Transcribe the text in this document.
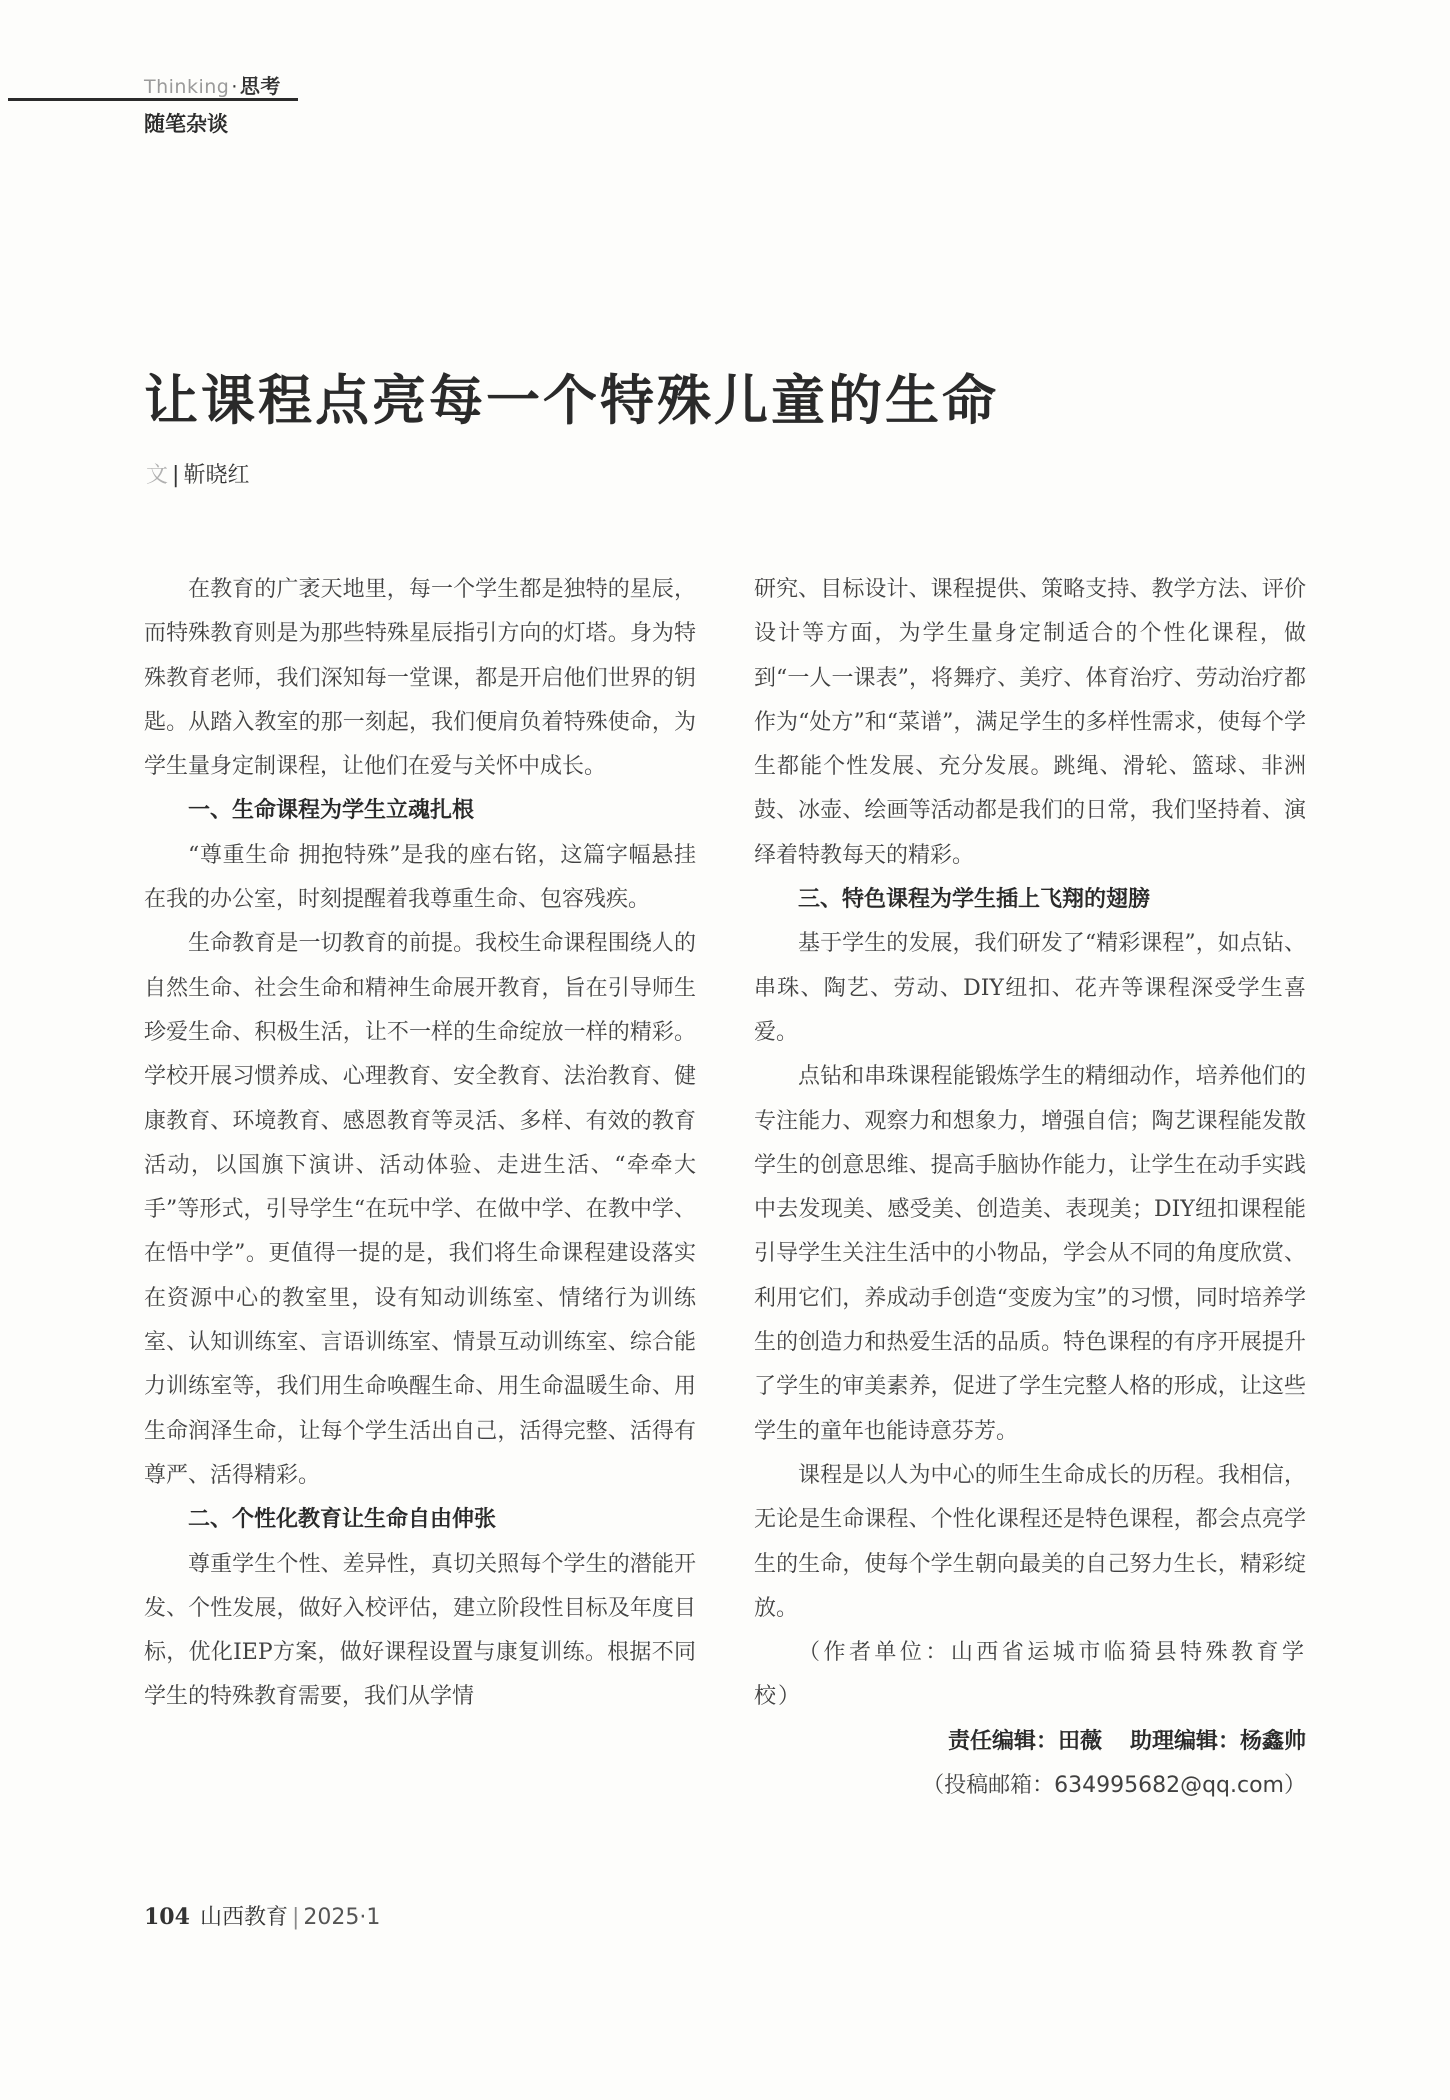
Thinking · 思考
随笔杂谈
让课程点亮每一个特殊儿童的生命
文 | 靳晓红

在教育的广袤天地里，每一个学生都是独特的星辰，而特殊教育则是为那些特殊星辰指引方向的灯塔。身为特殊教育老师，我们深知每一堂课，都是开启他们世界的钥匙。从踏入教室的那一刻起，我们便肩负着特殊使命，为学生量身定制课程，让他们在爱与关怀中成长。

一、生命课程为学生立魂扎根

“尊重生命 拥抱特殊”是我的座右铭，这篇字幅悬挂在我的办公室，时刻提醒着我尊重生命、包容残疾。

生命教育是一切教育的前提。我校生命课程围绕人的自然生命、社会生命和精神生命展开教育，旨在引导师生珍爱生命、积极生活，让不一样的生命绽放一样的精彩。学校开展习惯养成、心理教育、安全教育、法治教育、健康教育、环境教育、感恩教育等灵活、多样、有效的教育活动，以国旗下演讲、活动体验、走进生活、“牵牵大手”等形式，引导学生“在玩中学、在做中学、在教中学、在悟中学”。更值得一提的是，我们将生命课程建设落实在资源中心的教室里，设有知动训练室、情绪行为训练室、认知训练室、言语训练室、情景互动训练室、综合能力训练室等，我们用生命唤醒生命、用生命温暖生命、用生命润泽生命，让每个学生活出自己，活得完整、活得有尊严、活得精彩。

二、个性化教育让生命自由伸张

尊重学生个性、差异性，真切关照每个学生的潜能开发、个性发展，做好入校评估，建立阶段性目标及年度目标，优化IEP方案，做好课程设置与康复训练。根据不同学生的特殊教育需要，我们从学情

研究、目标设计、课程提供、策略支持、教学方法、评价设计等方面，为学生量身定制适合的个性化课程，做到“一人一课表”，将舞疗、美疗、体育治疗、劳动治疗都作为“处方”和“菜谱”，满足学生的多样性需求，使每个学生都能个性发展、充分发展。跳绳、滑轮、篮球、非洲鼓、冰壶、绘画等活动都是我们的日常，我们坚持着、演绎着特教每天的精彩。

三、特色课程为学生插上飞翔的翅膀

基于学生的发展，我们研发了“精彩课程”，如点钻、串珠、陶艺、劳动、DIY纽扣、花卉等课程深受学生喜爱。

点钻和串珠课程能锻炼学生的精细动作，培养他们的专注能力、观察力和想象力，增强自信；陶艺课程能发散学生的创意思维、提高手脑协作能力，让学生在动手实践中去发现美、感受美、创造美、表现美；DIY纽扣课程能引导学生关注生活中的小物品，学会从不同的角度欣赏、利用它们，养成动手创造“变废为宝”的习惯，同时培养学生的创造力和热爱生活的品质。特色课程的有序开展提升了学生的审美素养，促进了学生完整人格的形成，让这些学生的童年也能诗意芬芳。

课程是以人为中心的师生生命成长的历程。我相信，无论是生命课程、个性化课程还是特色课程，都会点亮学生的生命，使每个学生朝向最美的自己努力生长，精彩绽放。

（作者单位：山西省运城市临猗县特殊教育学校）

责任编辑：田薇 助理编辑：杨鑫帅

（投稿邮箱：634995682@qq.com）

104 山西教育 | 2025·1
